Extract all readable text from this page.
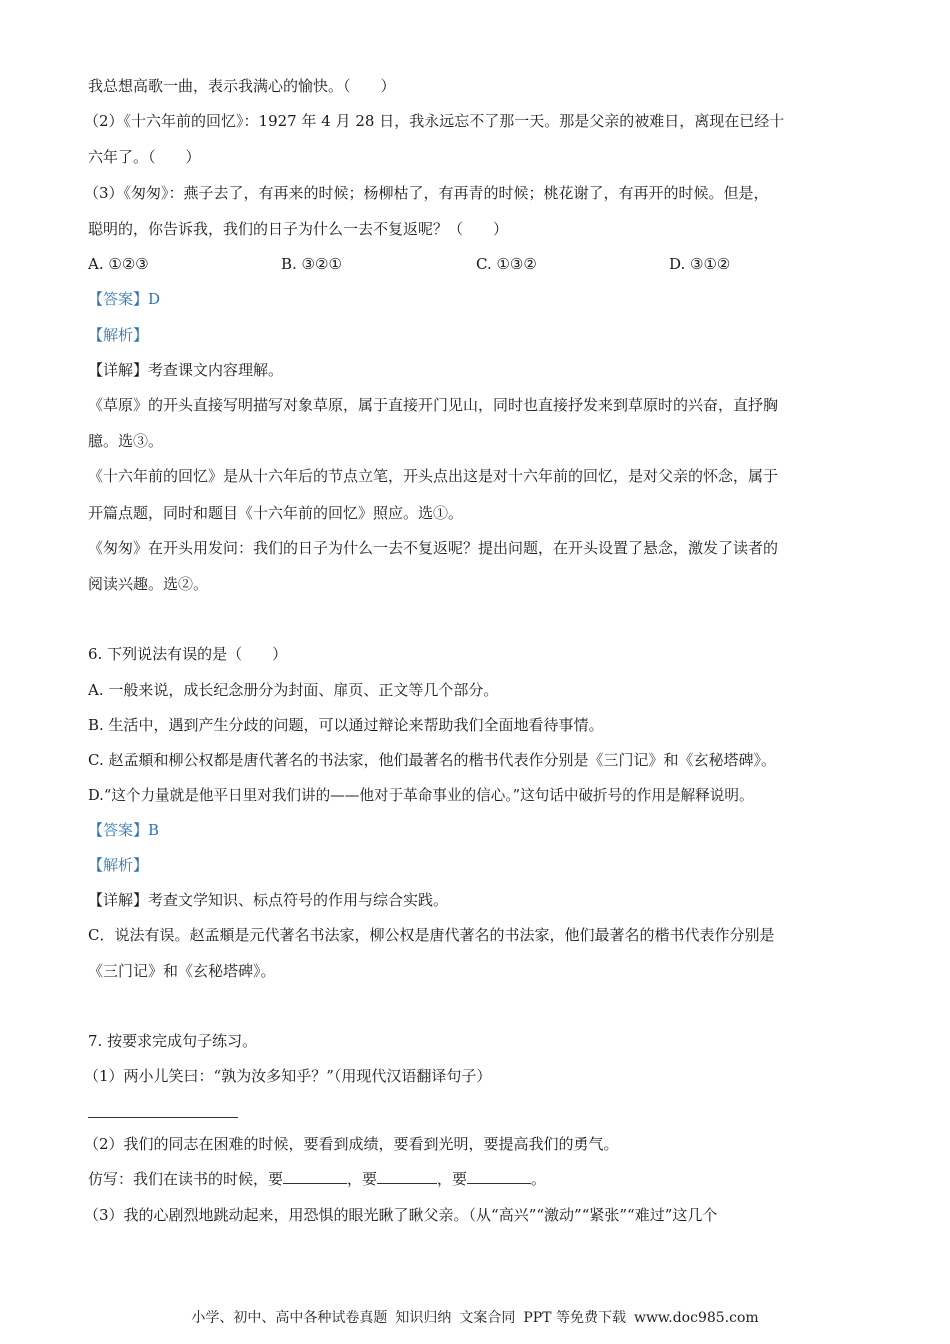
我总想高歌一曲，表示我满心的愉快。（　　）
（2）《十六年前的回忆》：1927 年 4 月 28 日，我永远忘不了那一天。那是父亲的被难日，离现在已经十
六年了。（　　）
（3）《匆匆》：燕子去了，有再来的时候；杨柳枯了，有再青的时候；桃花谢了，有再开的时候。但是，
聪明的，你告诉我，我们的日子为什么一去不复返呢？（　　）
A. ①②③	B. ③②①	C. ①③②	D. ③①②
【答案】D
【解析】
【详解】考查课文内容理解。
《草原》的开头直接写明描写对象草原，属于直接开门见山，同时也直接抒发来到草原时的兴奋，直抒胸
臆。选③。
《十六年前的回忆》是从十六年后的节点立笔，开头点出这是对十六年前的回忆，是对父亲的怀念，属于
开篇点题，同时和题目《十六年前的回忆》照应。选①。
《匆匆》在开头用发问：我们的日子为什么一去不复返呢？提出问题，在开头设置了悬念，激发了读者的
阅读兴趣。选②。
6. 下列说法有误的是（　　）
A. 一般来说，成长纪念册分为封面、扉页、正文等几个部分。
B. 生活中，遇到产生分歧的问题，可以通过辩论来帮助我们全面地看待事情。
C. 赵孟頫和柳公权都是唐代著名的书法家，他们最著名的楷书代表作分别是《三门记》和《玄秘塔碑》。
D.“这个力量就是他平日里对我们讲的——他对于革命事业的信心。”这句话中破折号的作用是解释说明。
【答案】B
【解析】
【详解】考查文学知识、标点符号的作用与综合实践。
C．说法有误。赵孟頫是元代著名书法家，柳公权是唐代著名的书法家，他们最著名的楷书代表作分别是
《三门记》和《玄秘塔碑》。
7. 按要求完成句子练习。
（1）两小儿笑曰：“孰为汝多知乎？”（用现代汉语翻译句子）
（2）我们的同志在困难的时候，要看到成绩，要看到光明，要提高我们的勇气。
仿写：我们在读书的时候，要	，要	，要	。
（3）我的心剧烈地跳动起来，用恐惧的眼光瞅了瞅父亲。（从“高兴”“激动”“紧张”“难过”这几个
小学、初中、高中各种试卷真题 知识归纳 文案合同 PPT 等免费下载 www.doc985.com
